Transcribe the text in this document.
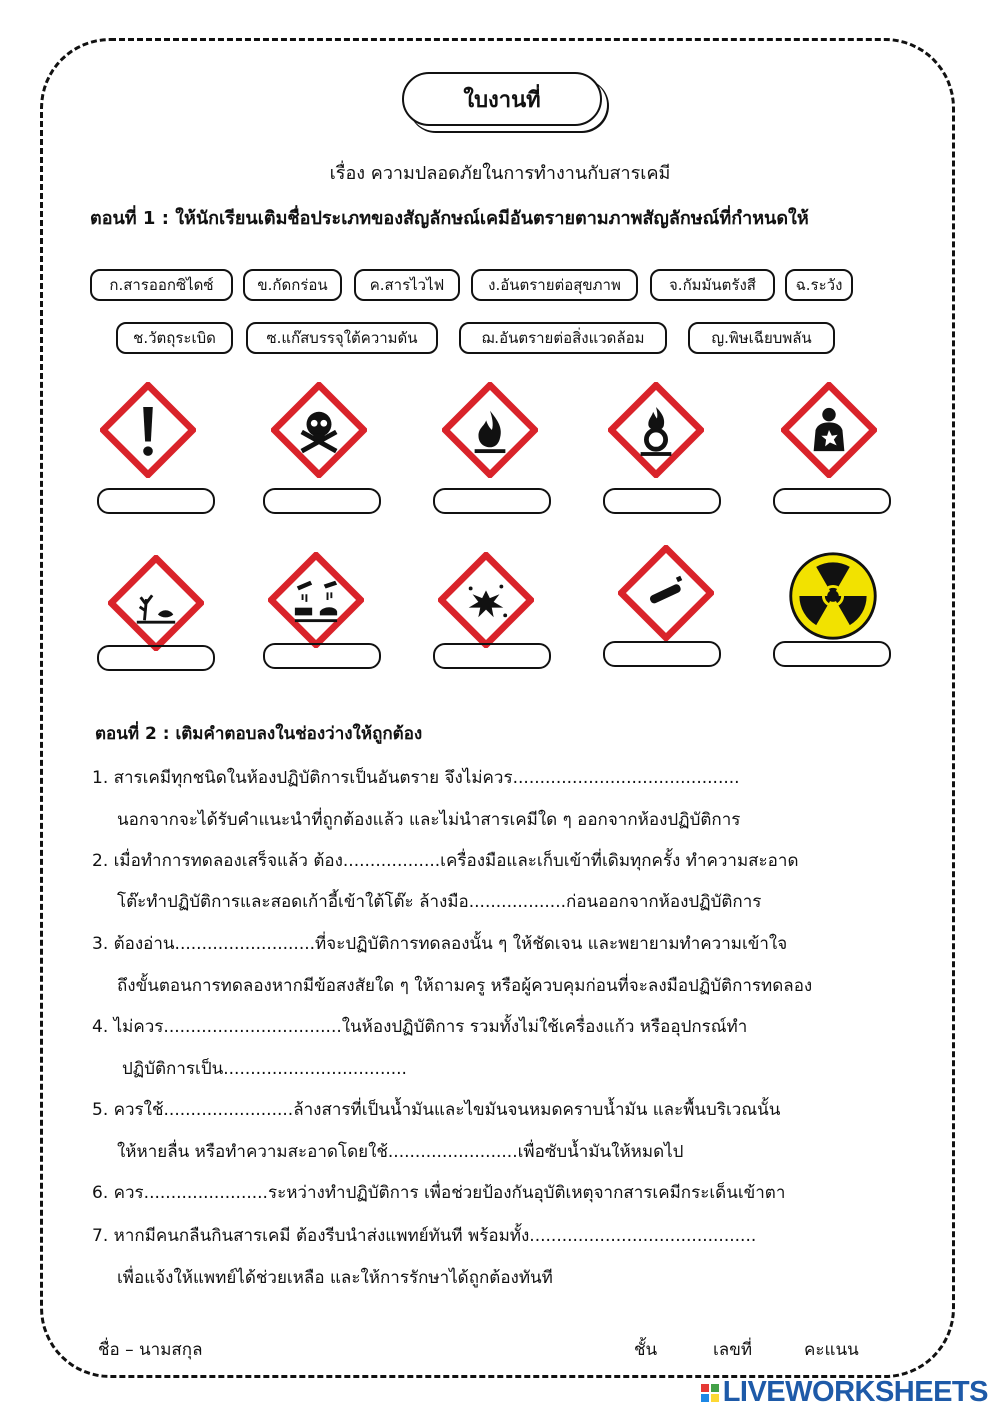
ใบงานที่
เรื่อง ความปลอดภัยในการทำงานกับสารเคมี
ตอนที่ 1 : ให้นักเรียนเติมชื่อประเภทของสัญลักษณ์เคมีอันตรายตามภาพสัญลักษณ์ที่กำหนดให้
ก.สารออกซิไดซ์	ข.กัดกร่อน	ค.สารไวไฟ	ง.อันตรายต่อสุขภาพ	จ.กัมมันตรังสี	ฉ.ระวัง
ช.วัตถุระเบิด	ซ.แก๊สบรรจุใต้ความดัน	ฌ.อันตรายต่อสิ่งแวดล้อม	ญ.พิษเฉียบพลัน
ตอนที่ 2 : เติมคำตอบลงในช่องว่างให้ถูกต้อง
1. สารเคมีทุกชนิดในห้องปฏิบัติการเป็นอันตราย จึงไม่ควร..........................................
นอกจากจะได้รับคำแนะนำที่ถูกต้องแล้ว และไม่นำสารเคมีใด ๆ ออกจากห้องปฏิบัติการ
2. เมื่อทำการทดลองเสร็จแล้ว ต้อง..................เครื่องมือและเก็บเข้าที่เดิมทุกครั้ง ทำความสะอาด
โต๊ะทำปฏิบัติการและสอดเก้าอี้เข้าใต้โต๊ะ ล้างมือ..................ก่อนออกจากห้องปฏิบัติการ
3. ต้องอ่าน..........................ที่จะปฏิบัติการทดลองนั้น ๆ ให้ชัดเจน และพยายามทำความเข้าใจ
ถึงขั้นตอนการทดลองหากมีข้อสงสัยใด ๆ ให้ถามครู หรือผู้ควบคุมก่อนที่จะลงมือปฏิบัติการทดลอง
4. ไม่ควร.................................ในห้องปฏิบัติการ รวมทั้งไม่ใช้เครื่องแก้ว หรืออุปกรณ์ทำ
ปฏิบัติการเป็น..................................
5. ควรใช้........................ล้างสารที่เป็นน้ำมันและไขมันจนหมดคราบน้ำมัน และพื้นบริเวณนั้น
ให้หายลื่น หรือทำความสะอาดโดยใช้........................เพื่อซับน้ำมันให้หมดไป
6. ควร.......................ระหว่างทำปฏิบัติการ เพื่อช่วยป้องกันอุบัติเหตุจากสารเคมีกระเด็นเข้าตา
7. หากมีคนกลืนกินสารเคมี ต้องรีบนำส่งแพทย์ทันที พร้อมทั้ง..........................................
เพื่อแจ้งให้แพทย์ได้ช่วยเหลือ และให้การรักษาได้ถูกต้องทันที
ชื่อ – นามสกุล	ชั้น	เลขที่	คะแนน
LIVEWORKSHEETS
